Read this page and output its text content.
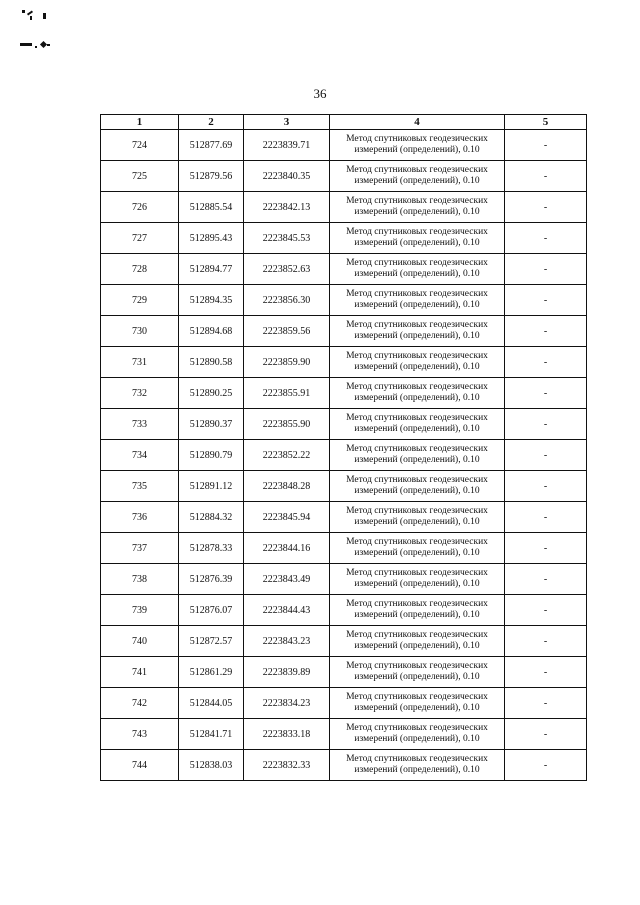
36
1	2	3	4	5
724	512877.69	2223839.71	Метод спутниковых геодезических
измерений (определений), 0.10	-
725	512879.56	2223840.35	Метод спутниковых геодезических
измерений (определений), 0.10	-
726	512885.54	2223842.13	Метод спутниковых геодезических
измерений (определений), 0.10	-
727	512895.43	2223845.53	Метод спутниковых геодезических
измерений (определений), 0.10	-
728	512894.77	2223852.63	Метод спутниковых геодезических
измерений (определений), 0.10	-
729	512894.35	2223856.30	Метод спутниковых геодезических
измерений (определений), 0.10	-
730	512894.68	2223859.56	Метод спутниковых геодезических
измерений (определений), 0.10	-
731	512890.58	2223859.90	Метод спутниковых геодезических
измерений (определений), 0.10	-
732	512890.25	2223855.91	Метод спутниковых геодезических
измерений (определений), 0.10	-
733	512890.37	2223855.90	Метод спутниковых геодезических
измерений (определений), 0.10	-
734	512890.79	2223852.22	Метод спутниковых геодезических
измерений (определений), 0.10	-
735	512891.12	2223848.28	Метод спутниковых геодезических
измерений (определений), 0.10	-
736	512884.32	2223845.94	Метод спутниковых геодезических
измерений (определений), 0.10	-
737	512878.33	2223844.16	Метод спутниковых геодезических
измерений (определений), 0.10	-
738	512876.39	2223843.49	Метод спутниковых геодезических
измерений (определений), 0.10	-
739	512876.07	2223844.43	Метод спутниковых геодезических
измерений (определений), 0.10	-
740	512872.57	2223843.23	Метод спутниковых геодезических
измерений (определений), 0.10	-
741	512861.29	2223839.89	Метод спутниковых геодезических
измерений (определений), 0.10	-
742	512844.05	2223834.23	Метод спутниковых геодезических
измерений (определений), 0.10	-
743	512841.71	2223833.18	Метод спутниковых геодезических
измерений (определений), 0.10	-
744	512838.03	2223832.33	Метод спутниковых геодезических
измерений (определений), 0.10	-
